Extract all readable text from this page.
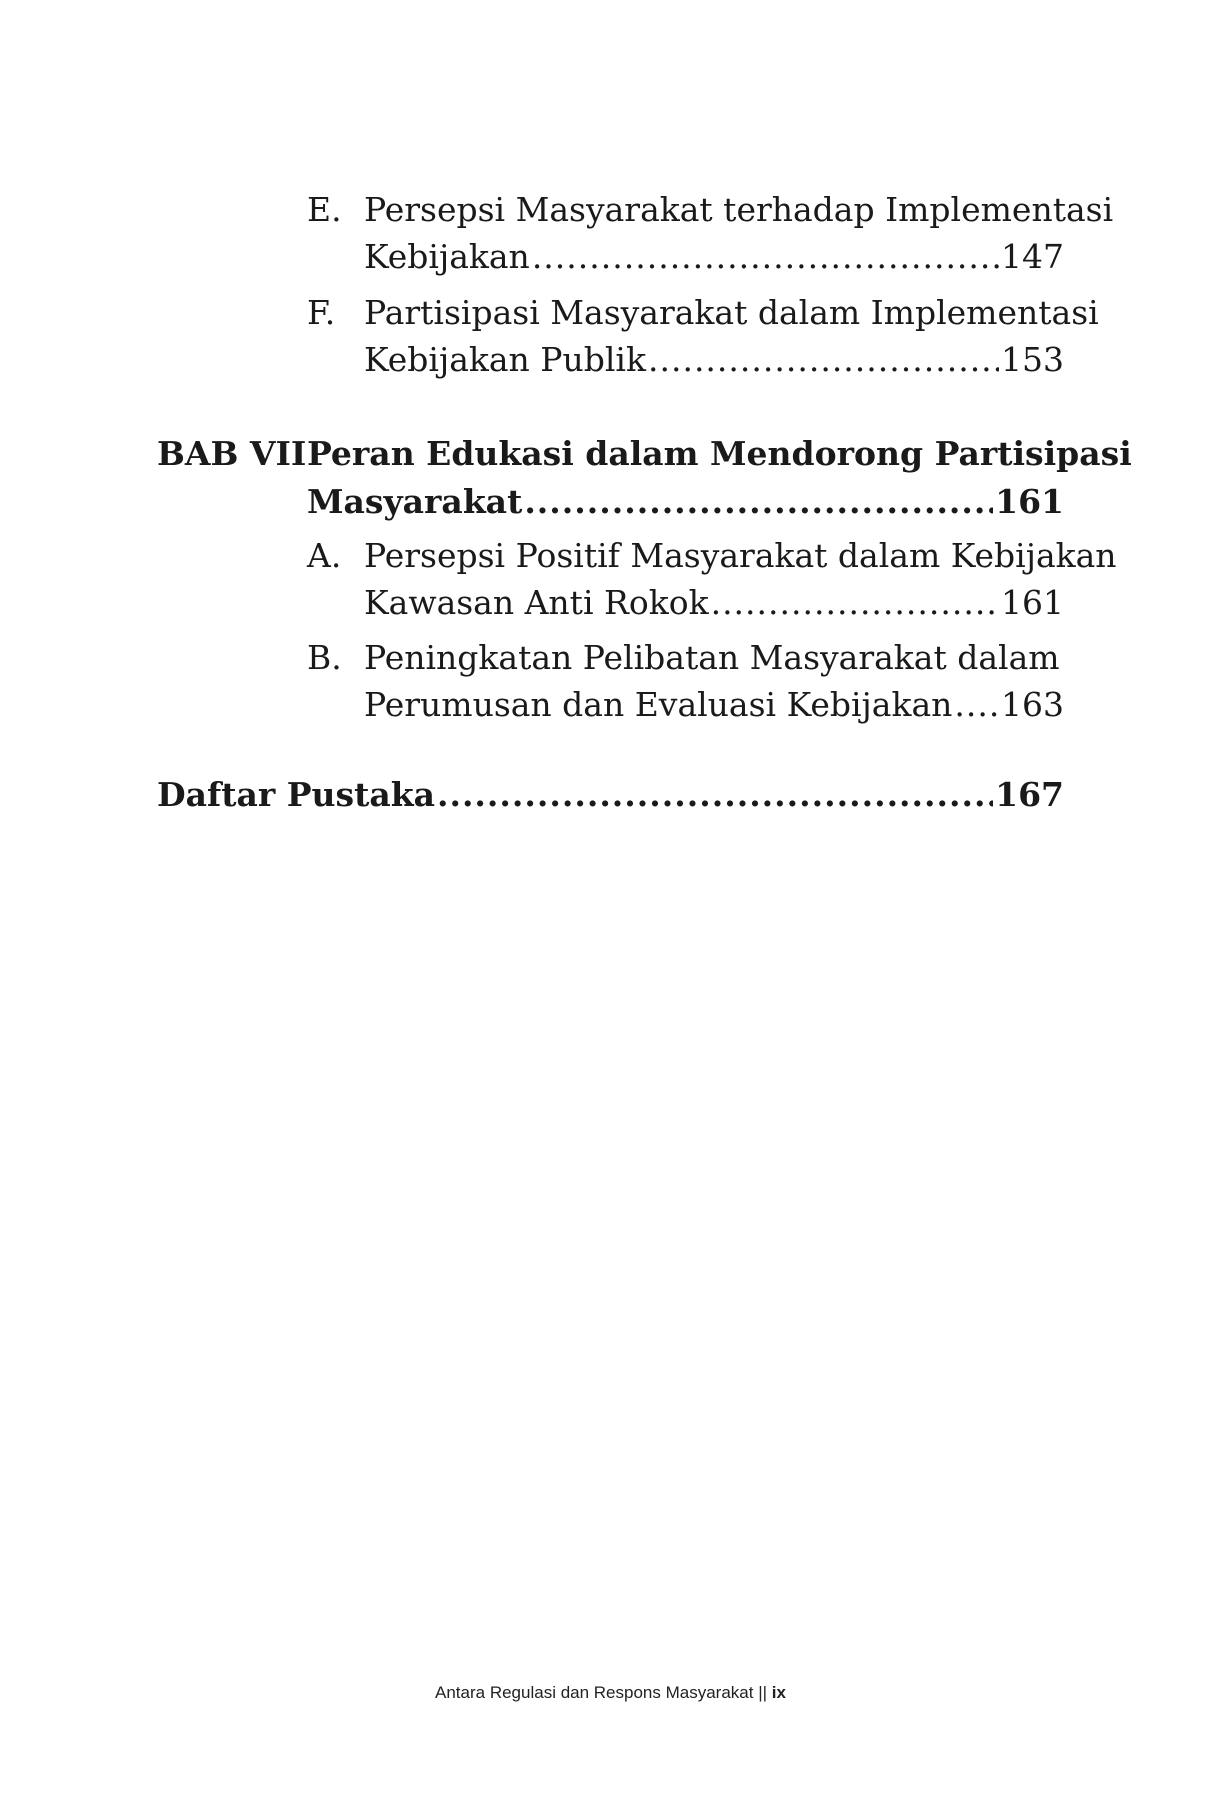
E. Persepsi Masyarakat terhadap Implementasi
Kebijakan .....	147
F. Partisipasi Masyarakat dalam Implementasi
Kebijakan Publik .....	153
BAB VII Peran Edukasi dalam Mendorong Partisipasi
Masyarakat .....	161
A. Persepsi Positif Masyarakat dalam Kebijakan
Kawasan Anti Rokok .....	161
B. Peningkatan Pelibatan Masyarakat dalam
Perumusan dan Evaluasi Kebijakan ..... 163
Daftar Pustaka .....	167
Antara Regulasi dan Respons Masyarakat || ix
